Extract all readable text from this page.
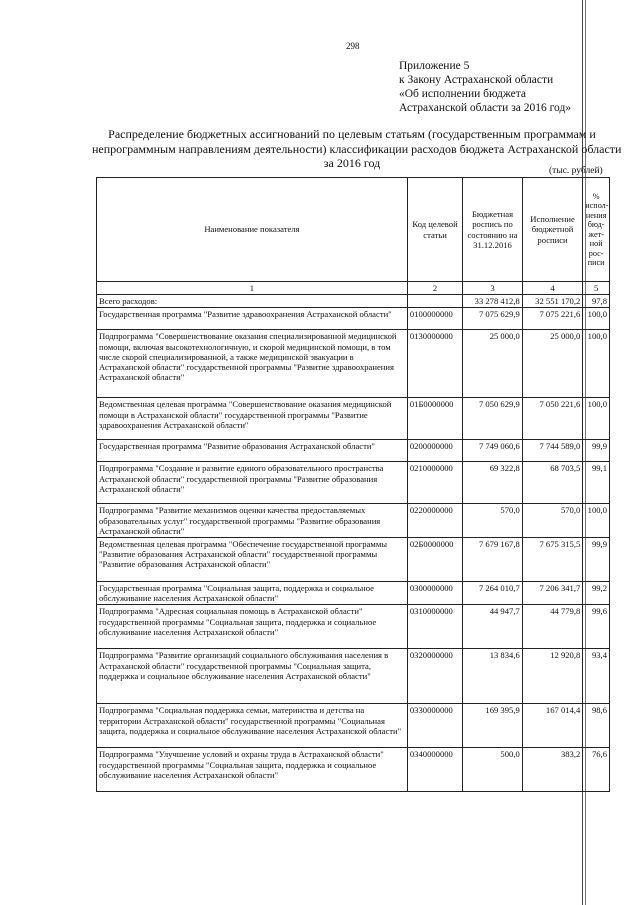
298
Приложение 5
к Закону Астраханской области
«Об исполнении бюджета
Астраханской области за 2016 год»
Распределение бюджетных ассигнований по целевым статьям (государственным программам и
непрограммным направлениям деятельности) классификации расходов бюджета Астраханской области
за 2016 год
(тыс. рублей)
Наименование показателя	Код целевой статьи	Бюджетная роспись по состоянию на 31.12.2016	Исполнение бюджетной росписи	% испол-нения бюд-жет-ной рос-писи
1	2	3	4	5
Всего расходов:		33 278 412,8	32 551 170,2	97,8
Государственная программа "Развитие здравоохранения Астраханской области"	0100000000	7 075 629,9	7 075 221,6	100,0
Подпрограмма "Совершенствование оказания специализированной медицинской помощи, включая высокотехнологичную, и скорой медицинской помощи, в том числе скорой специализированной, а также медицинской эвакуации в Астраханской области" государственной программы "Развитие здравоохранения Астраханской области"	0130000000	25 000,0	25 000,0	100,0
Ведомственная целевая программа "Совершенствование оказания медицинской помощи в Астраханской области" государственной программы "Развитие здравоохранения Астраханской области"	01Б0000000	7 050 629,9	7 050 221,6	100,0
Государственная программа "Развитие образования Астраханской области"	0200000000	7 749 060,6	7 744 589,0	99,9
Подпрограмма "Создание и развитие единого образовательного пространства Астраханской области" государственной программы "Развитие образования Астраханской области"	0210000000	69 322,8	68 703,5	99,1
Подпрограмма "Развитие механизмов оценки качества предоставляемых образовательных услуг" государственной программы "Развитие образования Астраханской области"	0220000000	570,0	570,0	100,0
Ведомственная целевая программа "Обеспечение государственной программы "Развитие образования Астраханской области" государственной программы "Развитие образования Астраханской области"	02Б0000000	7 679 167,8	7 675 315,5	99,9
Государственная программа "Социальная защита, поддержка и социальное обслуживание населения Астраханской области"	0300000000	7 264 010,7	7 206 341,7	99,2
Подпрограмма "Адресная социальная помощь в Астраханской области" государственной программы "Социальная защита, поддержка и социальное обслуживание населения Астраханской области"	0310000000	44 947,7	44 779,8	99,6
Подпрограмма "Развитие организаций социального обслуживания населения в Астраханской области" государственной программы "Социальная защита, поддержка и социальное обслуживание населения Астраханской области"	0320000000	13 834,6	12 920,8	93,4
Подпрограмма "Социальная поддержка семьи, материнства и детства на территории Астраханской области" государственной программы "Социальная защита, поддержка и социальное обслуживание населения Астраханской области"	0330000000	169 395,9	167 014,4	98,6
Подпрограмма "Улучшение условий и охраны труда в Астраханской области" государственной программы "Социальная защита, поддержка и социальное обслуживание населения Астраханской области"	0340000000	500,0	383,2	76,6
